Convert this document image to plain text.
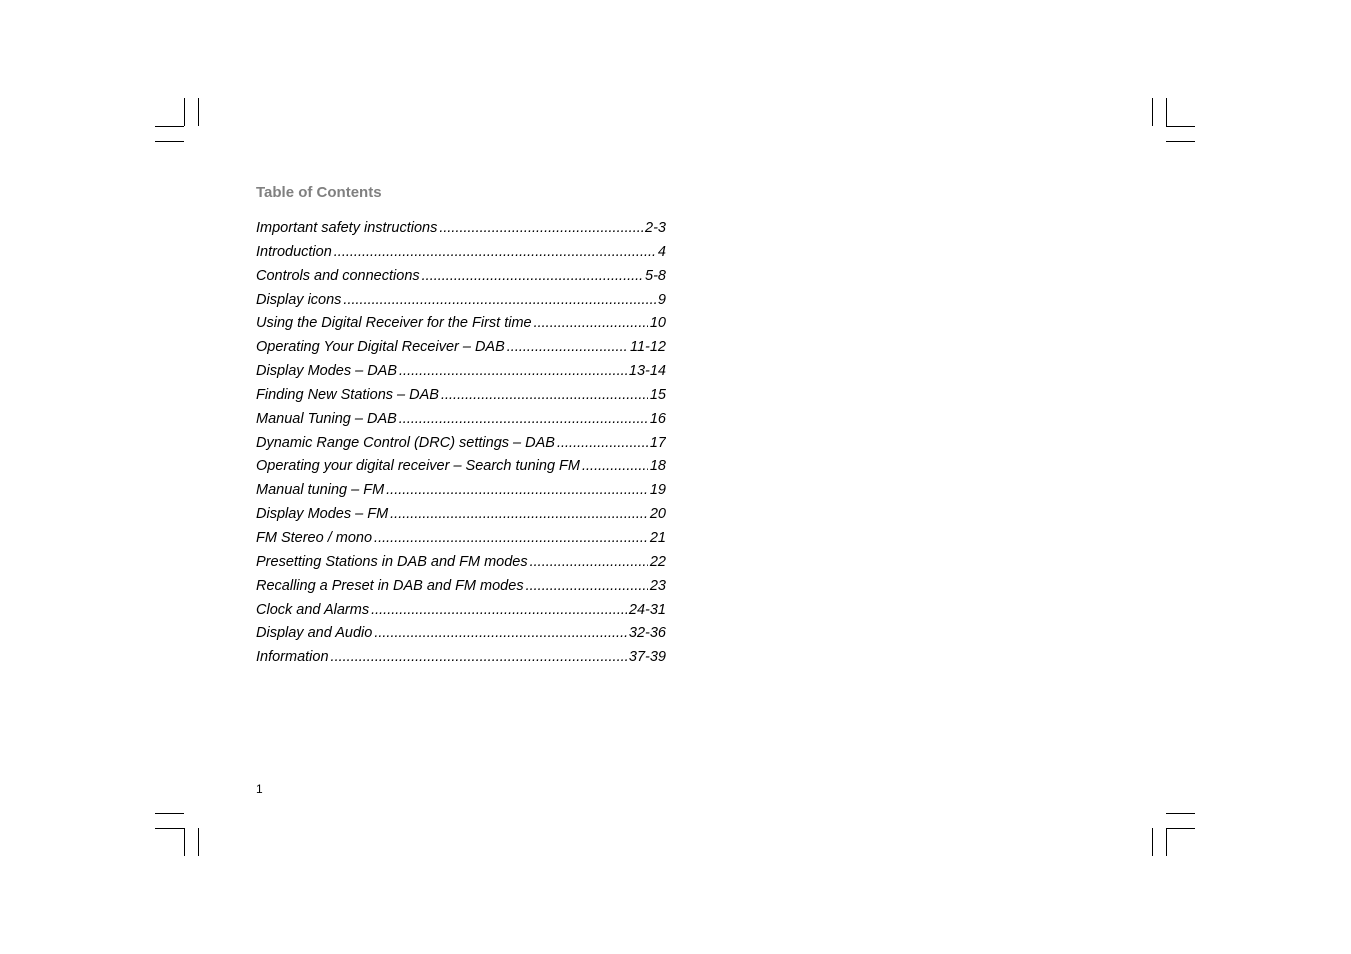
Table of Contents
Important safety instructions .....	2-3
Introduction .....	4
Controls and connections .....	5-8
Display icons .....	9
Using the Digital Receiver for the First time .....	10
Operating Your Digital Receiver – DAB .....	11-12
Display Modes – DAB .....	13-14
Finding New Stations – DAB .....	15
Manual Tuning – DAB .....	16
Dynamic Range Control (DRC) settings – DAB .....	17
Operating your digital receiver – Search tuning FM .....	18
Manual tuning – FM .....	19
Display Modes – FM .....	20
FM Stereo / mono .....	21
Presetting Stations in DAB and FM modes .....	22
Recalling a Preset in DAB and FM modes .....	23
Clock and Alarms .....	24-31
Display and Audio .....	32-36
Information .....	37-39
1
